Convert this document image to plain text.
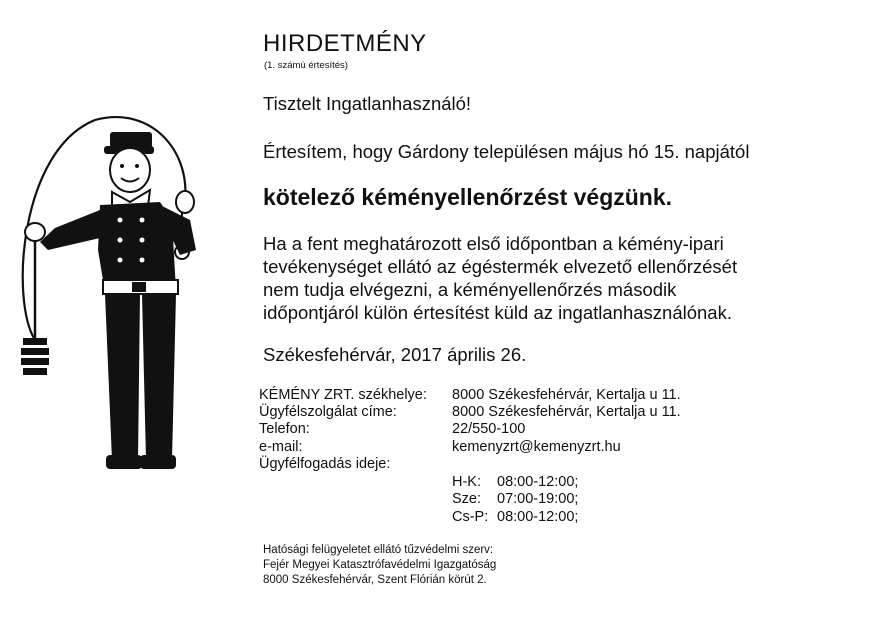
HIRDETMÉNY
(1. számú értesítés)
Tisztelt Ingatlanhasználó!
Értesítem, hogy Gárdony településen május hó 15. napjától
kötelező kéményellenőrzést végzünk.
Ha a fent meghatározott első időpontban a kémény-ipari
tevékenységet ellátó az égéstermék elvezető ellenőrzését
nem tudja elvégezni, a kéményellenőrzés második
időpontjáról külön értesítést küld az ingatlanhasználónak.
Székesfehérvár, 2017 április 26.
KÉMÉNY ZRT. székhelye: 8000 Székesfehérvár, Kertalja u 11.
Ügyfélszolgálat címe:	8000 Székesfehérvár, Kertalja u 11.
Telefon:	22/550-100
e-mail:	kemenyzrt@kemenyzrt.hu
Ügyfélfogadás ideje:
H-K: 08:00-12:00;
Sze: 07:00-19:00;
Cs-P: 08:00-12:00;
Hatósági felügyeletet ellátó tűzvédelmi szerv:
Fejér Megyei Katasztrófavédelmi Igazgatóság
8000 Székesfehérvár, Szent Flórián körút 2.
